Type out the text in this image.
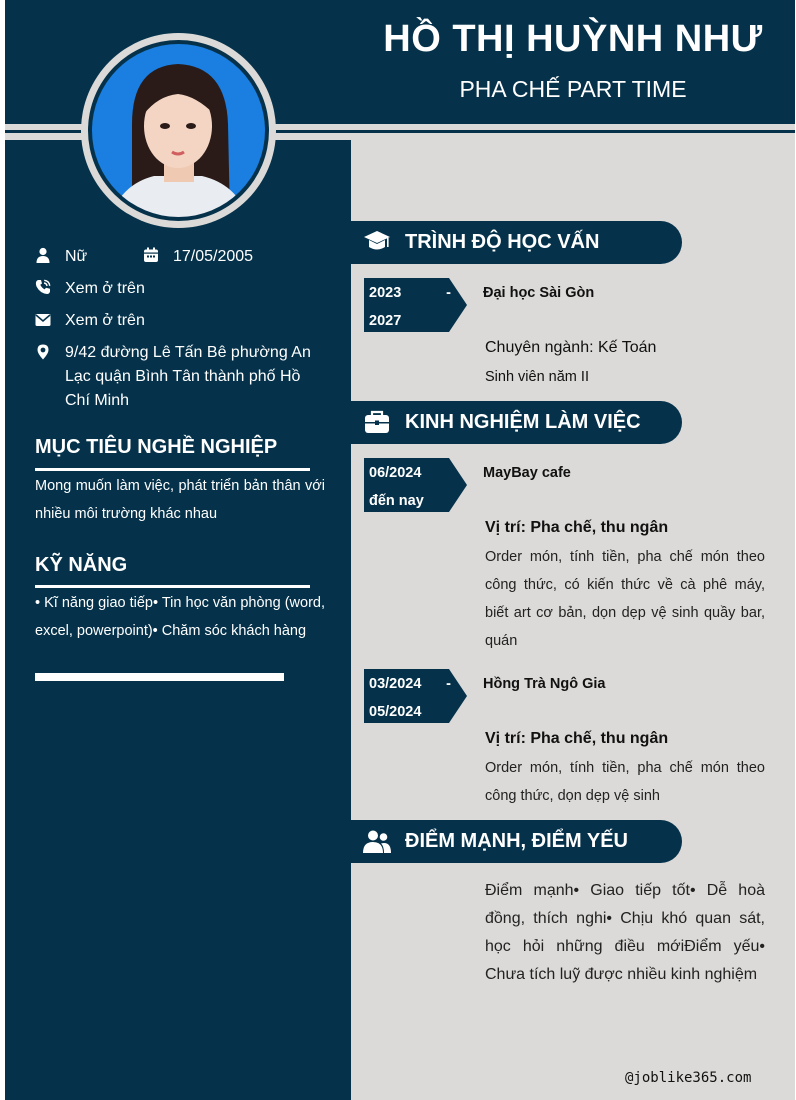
HỒ THỊ HUỲNH NHƯ
PHA CHẾ PART TIME
Nữ	17/05/2005
Xem ở trên
Xem ở trên
9/42 đường Lê Tấn Bê phường An
Lạc quận Bình Tân thành phố Hồ
Chí Minh
MỤC TIÊU NGHỀ NGHIỆP
Mong muốn làm việc, phát triển bản thân với nhiều môi trường khác nhau
KỸ NĂNG
• Kĩ năng giao tiếp• Tin học văn phòng (word, excel, powerpoint)• Chăm sóc khách hàng
TRÌNH ĐỘ HỌC VẤN
2023	-
2027
Đại học Sài Gòn
Chuyên ngành: Kế Toán
Sinh viên năm II
KINH NGHIỆM LÀM VIỆC
06/2024
đến nay
MayBay cafe
Vị trí: Pha chế, thu ngân
Order món, tính tiền, pha chế món theo công thức, có kiến thức về cà phê máy, biết art cơ bản, dọn dẹp vệ sinh quầy bar, quán
03/2024 -
05/2024
Hồng Trà Ngô Gia
Vị trí: Pha chế, thu ngân
Order món, tính tiền, pha chế món theo công thức, dọn dẹp vệ sinh
ĐIỂM MẠNH, ĐIỂM YẾU
Điểm mạnh• Giao tiếp tốt• Dễ hoà đồng, thích nghi• Chịu khó quan sát, học hỏi những điều mớiĐiểm yếu• Chưa tích luỹ được nhiều kinh nghiệm
@joblike365.com
